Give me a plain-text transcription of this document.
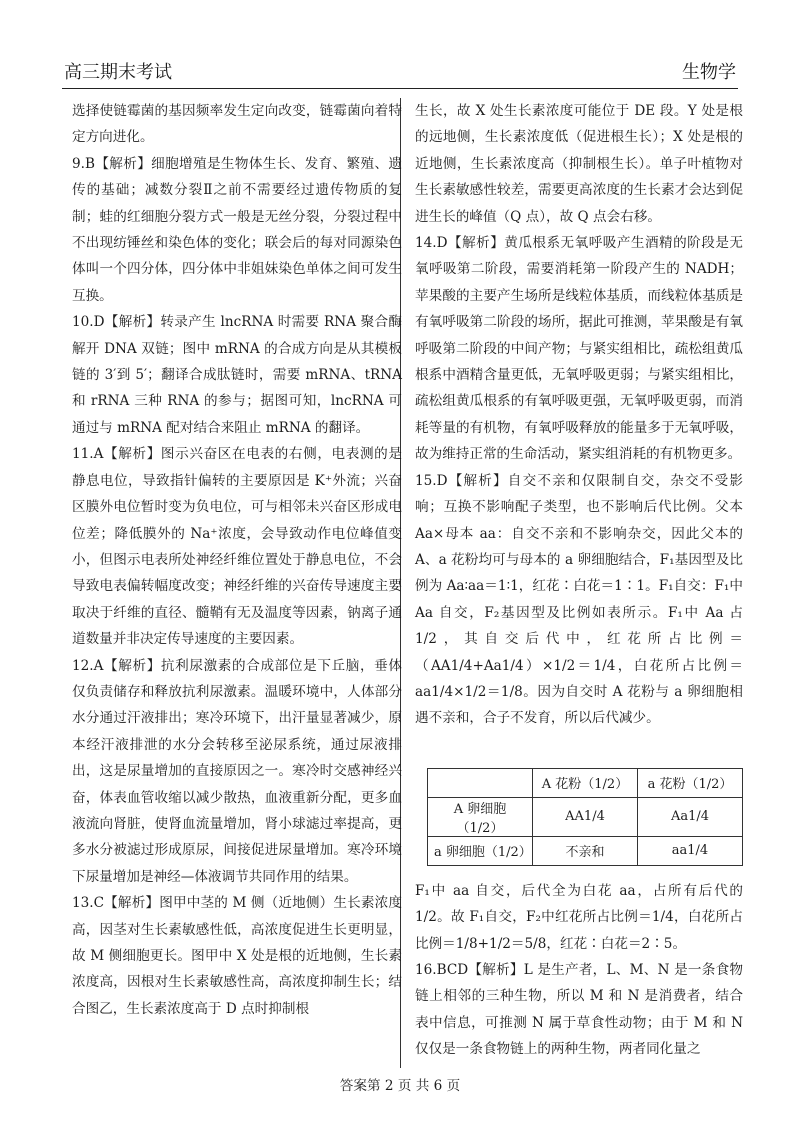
高三期末考试	生物学

选择使链霉菌的基因频率发生定向改变，链霉菌向着特定方向进化。

9.B【解析】细胞增殖是生物体生长、发育、繁殖、遗传的基础；减数分裂Ⅱ之前不需要经过遗传物质的复制；蛙的红细胞分裂方式一般是无丝分裂，分裂过程中不出现纺锤丝和染色体的变化；联会后的每对同源染色体叫一个四分体，四分体中非姐妹染色单体之间可发生互换。

10.D【解析】转录产生 lncRNA 时需要 RNA 聚合酶解开 DNA 双链；图中 mRNA 的合成方向是从其模板链的 3′到 5′；翻译合成肽链时，需要 mRNA、tRNA 和 rRNA 三种 RNA 的参与；据图可知，lncRNA 可通过与 mRNA 配对结合来阻止 mRNA 的翻译。

11.A【解析】图示兴奋区在电表的右侧，电表测的是静息电位，导致指针偏转的主要原因是 K⁺外流；兴奋区膜外电位暂时变为负电位，可与相邻未兴奋区形成电位差；降低膜外的 Na⁺浓度，会导致动作电位峰值变小，但图示电表所处神经纤维位置处于静息电位，不会导致电表偏转幅度改变；神经纤维的兴奋传导速度主要取决于纤维的直径、髓鞘有无及温度等因素，钠离子通道数量并非决定传导速度的主要因素。

12.A【解析】抗利尿激素的合成部位是下丘脑，垂体仅负责储存和释放抗利尿激素。温暖环境中，人体部分水分通过汗液排出；寒冷环境下，出汗量显著减少，原本经汗液排泄的水分会转移至泌尿系统，通过尿液排出，这是尿量增加的直接原因之一。寒冷时交感神经兴奋，体表血管收缩以减少散热，血液重新分配，更多血液流向肾脏，使肾血流量增加，肾小球滤过率提高，更多水分被滤过形成原尿，间接促进尿量增加。寒冷环境下尿量增加是神经—体液调节共同作用的结果。

13.C【解析】图甲中茎的 M 侧（近地侧）生长素浓度高，因茎对生长素敏感性低，高浓度促进生长更明显，故 M 侧细胞更长。图甲中 X 处是根的近地侧，生长素浓度高，因根对生长素敏感性高，高浓度抑制生长；结合图乙，生长素浓度高于 D 点时抑制根

生长，故 X 处生长素浓度可能位于 DE 段。Y 处是根的远地侧，生长素浓度低（促进根生长）；X 处是根的近地侧，生长素浓度高（抑制根生长）。单子叶植物对生长素敏感性较差，需要更高浓度的生长素才会达到促进生长的峰值（Q 点），故 Q 点会右移。

14.D【解析】黄瓜根系无氧呼吸产生酒精的阶段是无氧呼吸第二阶段，需要消耗第一阶段产生的 NADH；苹果酸的主要产生场所是线粒体基质，而线粒体基质是有氧呼吸第二阶段的场所，据此可推测，苹果酸是有氧呼吸第二阶段的中间产物；与紧实组相比，疏松组黄瓜根系中酒精含量更低，无氧呼吸更弱；与紧实组相比，疏松组黄瓜根系的有氧呼吸更强，无氧呼吸更弱，而消耗等量的有机物，有氧呼吸释放的能量多于无氧呼吸，故为维持正常的生命活动，紧实组消耗的有机物更多。

15.D【解析】自交不亲和仅限制自交，杂交不受影响；互换不影响配子类型，也不影响后代比例。父本 Aa×母本 aa：自交不亲和不影响杂交，因此父本的 A、a 花粉均可与母本的 a 卵细胞结合，F₁基因型及比例为 Aa∶aa＝1∶1，红花∶白花＝1∶1。F₁自交：F₁中 Aa 自交，F₂基因型及比例如表所示。F₁中 Aa 占 1/2，其自交后代中，红花所占比例＝（AA1/4+Aa1/4）×1/2＝1/4，白花所占比例＝aa1/4×1/2＝1/8。因为自交时 A 花粉与 a 卵细胞相遇不亲和，合子不发育，所以后代减少。

	A 花粉（1/2）	a 花粉（1/2）
A 卵细胞（1/2）	AA1/4	Aa1/4
a 卵细胞（1/2）	不亲和	aa1/4

F₁中 aa 自交，后代全为白花 aa，占所有后代的 1/2。故 F₁自交，F₂中红花所占比例＝1/4，白花所占比例＝1/8+1/2＝5/8，红花∶白花＝2∶5。

16.BCD【解析】L 是生产者，L、M、N 是一条食物链上相邻的三种生物，所以 M 和 N 是消费者，结合表中信息，可推测 N 属于草食性动物；由于 M 和 N 仅仅是一条食物链上的两种生物，两者同化量之

答案第 2 页 共 6 页
